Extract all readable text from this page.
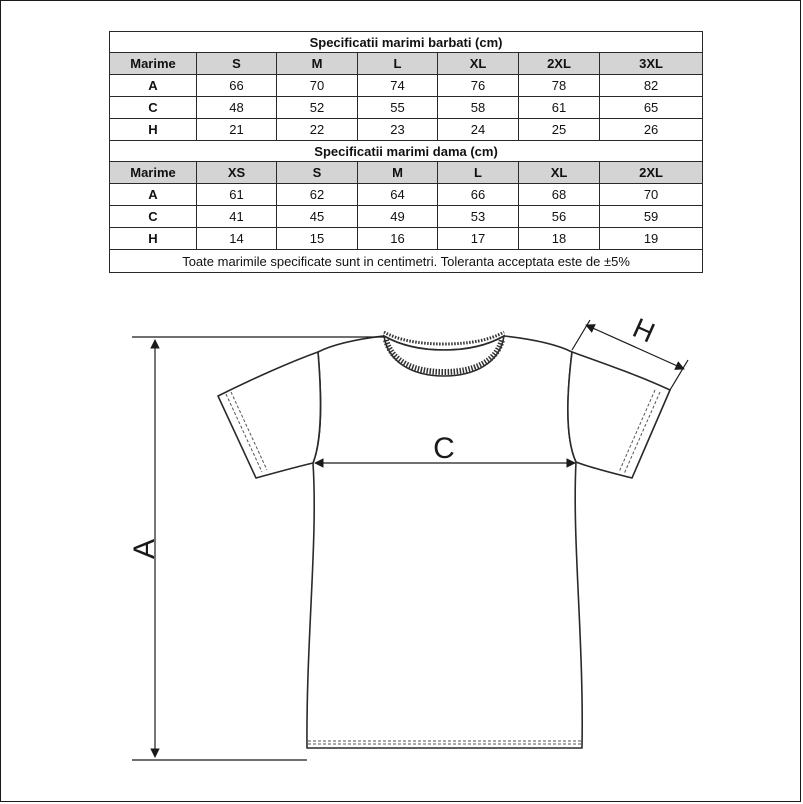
Specificatii marimi barbati (cm)						
Marime	S	M	L	XL	2XL	3XL
A	66	70	74	76	78	82
C	48	52	55	58	61	65
H	21	22	23	24	25	26
Specificatii marimi dama (cm)						
Marime	XS	S	M	L	XL	2XL
A	61	62	64	66	68	70
C	41	45	49	53	56	59
H	14	15	16	17	18	19
Toate marimile specificate sunt in centimetri. Toleranta acceptata este de ±5%						
A
C
H
